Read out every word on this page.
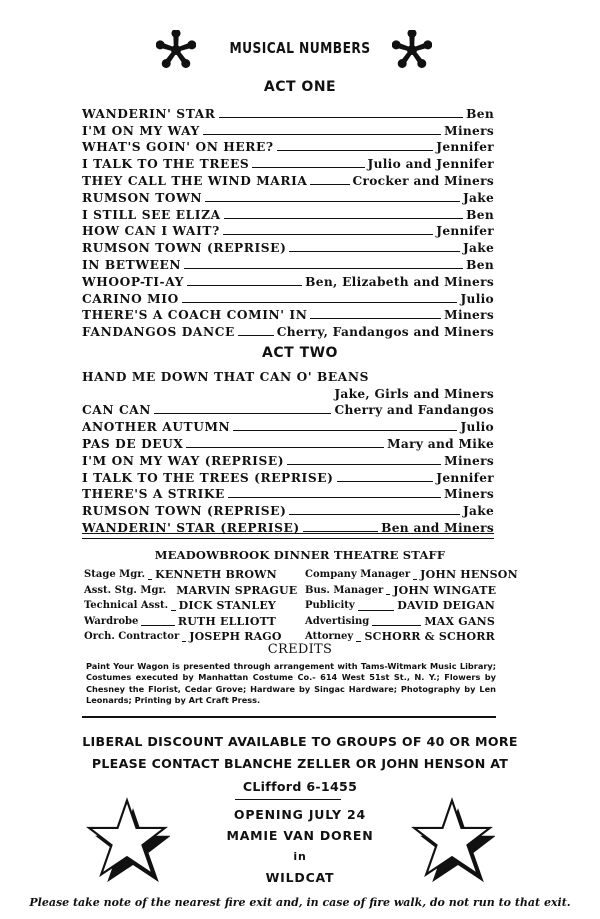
MUSICAL NUMBERS
ACT ONE
WANDERIN' STAR	Ben
I'M ON MY WAY	Miners
WHAT'S GOIN' ON HERE?	Jennifer
I TALK TO THE TREES	Julio and Jennifer
THEY CALL THE WIND MARIA	Crocker and Miners
RUMSON TOWN	Jake
I STILL SEE ELIZA	Ben
HOW CAN I WAIT?	Jennifer
RUMSON TOWN (REPRISE)	Jake
IN BETWEEN	Ben
WHOOP-TI-AY	Ben, Elizabeth and Miners
CARINO MIO	Julio
THERE'S A COACH COMIN' IN	Miners
FANDANGOS DANCE	Cherry, Fandangos and Miners
ACT TWO
HAND ME DOWN THAT CAN O' BEANS
Jake, Girls and Miners
CAN CAN	Cherry and Fandangos
ANOTHER AUTUMN	Julio
PAS DE DEUX	Mary and Mike
I'M ON MY WAY (REPRISE)	Miners
I TALK TO THE TREES (REPRISE)	Jennifer
THERE'S A STRIKE	Miners
RUMSON TOWN (REPRISE)	Jake
WANDERIN' STAR (REPRISE)	Ben and Miners
MEADOWBROOK DINNER THEATRE STAFF
Stage Mgr. KENNETH BROWN
Asst. Stg. Mgr. MARVIN SPRAGUE
Technical Asst. DICK STANLEY
Wardrobe	RUTH ELLIOTT
Orch. Contractor JOSEPH RAGO
Company Manager JOHN HENSON
Bus. Manager JOHN WINGATE
Publicity	DAVID DEIGAN
Advertising	MAX GANS
Attorney SCHORR & SCHORR
CREDITS
Paint Your Wagon is presented through arrangement with Tams-Witmark Music Library; Costumes executed by Manhattan Costume Co.- 614 West 51st St., N. Y.; Flowers by Chesney the Florist, Cedar Grove; Hardware by Singac Hardware; Photography by Len Leonards; Printing by Art Craft Press.
LIBERAL DISCOUNT AVAILABLE TO GROUPS OF 40 OR MORE
PLEASE CONTACT BLANCHE ZELLER OR JOHN HENSON AT
CLifford 6-1455
OPENING JULY 24
MAMIE VAN DOREN
in
WILDCAT
Please take note of the nearest fire exit and, in case of fire walk, do not run to that exit.
